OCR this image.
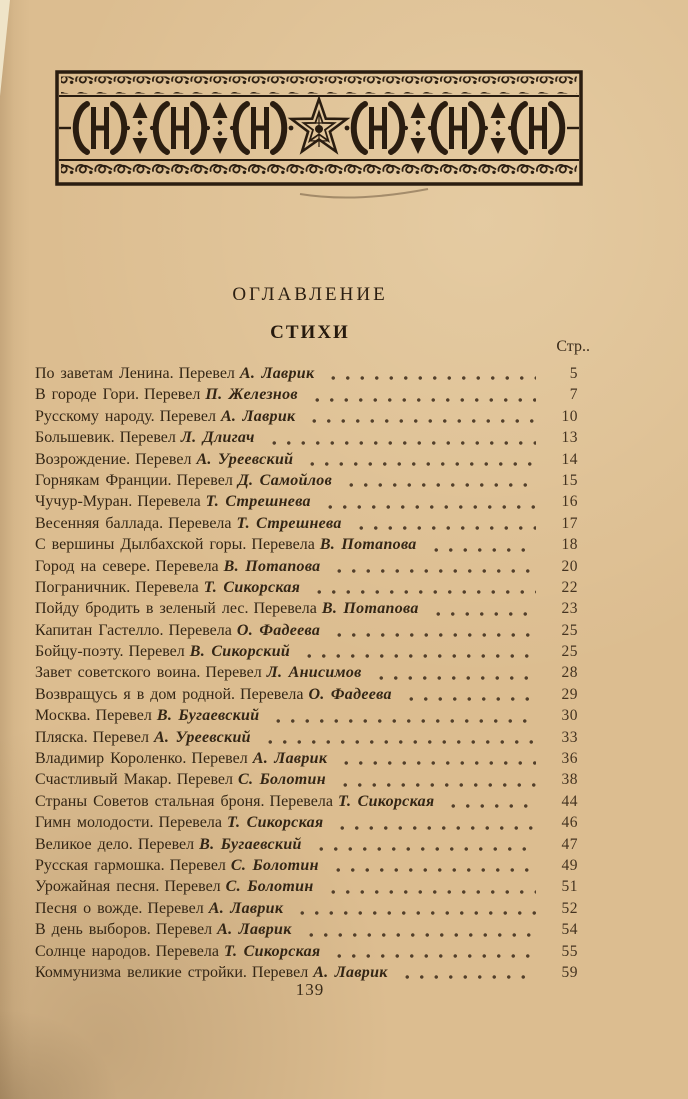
ОГЛАВЛЕНИЕ
СТИХИ
Стр..
По заветам Ленина. Перевел А. Лаврик	5
В городе Гори. Перевел П. Железнов	7
Русскому народу. Перевел А. Лаврик	10
Большевик. Перевел Л. Длигач	13
Возрождение. Перевел А. Уреевский	14
Горнякам Франции. Перевел Д. Самойлов	15
Чучур-Муран. Перевела Т. Стрешнева	16
Весенняя баллада. Перевела Т. Стрешнева	17
С вершины Дылбахской горы. Перевела В. Потапова	18
Город на севере. Перевела В. Потапова	20
Пограничник. Перевела Т. Сикорская	22
Пойду бродить в зеленый лес. Перевела В. Потапова	23
Капитан Гастелло. Перевела О. Фадеева	25
Бойцу-поэту. Перевел В. Сикорский	25
Завет советского воина. Перевел Л. Анисимов	28
Возвращусь я в дом родной. Перевела О. Фадеева	29
Москва. Перевел В. Бугаевский	30
Пляска. Перевел А. Уреевский	33
Владимир Короленко. Перевел А. Лаврик	36
Счастливый Макар. Перевел С. Болотин	38
Страны Советов стальная броня. Перевела Т. Сикорская	44
Гимн молодости. Перевела Т. Сикорская	46
Великое дело. Перевел В. Бугаевский	47
Русская гармошка. Перевел С. Болотин	49
Урожайная песня. Перевел С. Болотин	51
Песня о вожде. Перевел А. Лаврик	52
В день выборов. Перевел А. Лаврик	54
Солнце народов. Перевела Т. Сикорская	55
Коммунизма великие стройки. Перевел А. Лаврик	59
139
